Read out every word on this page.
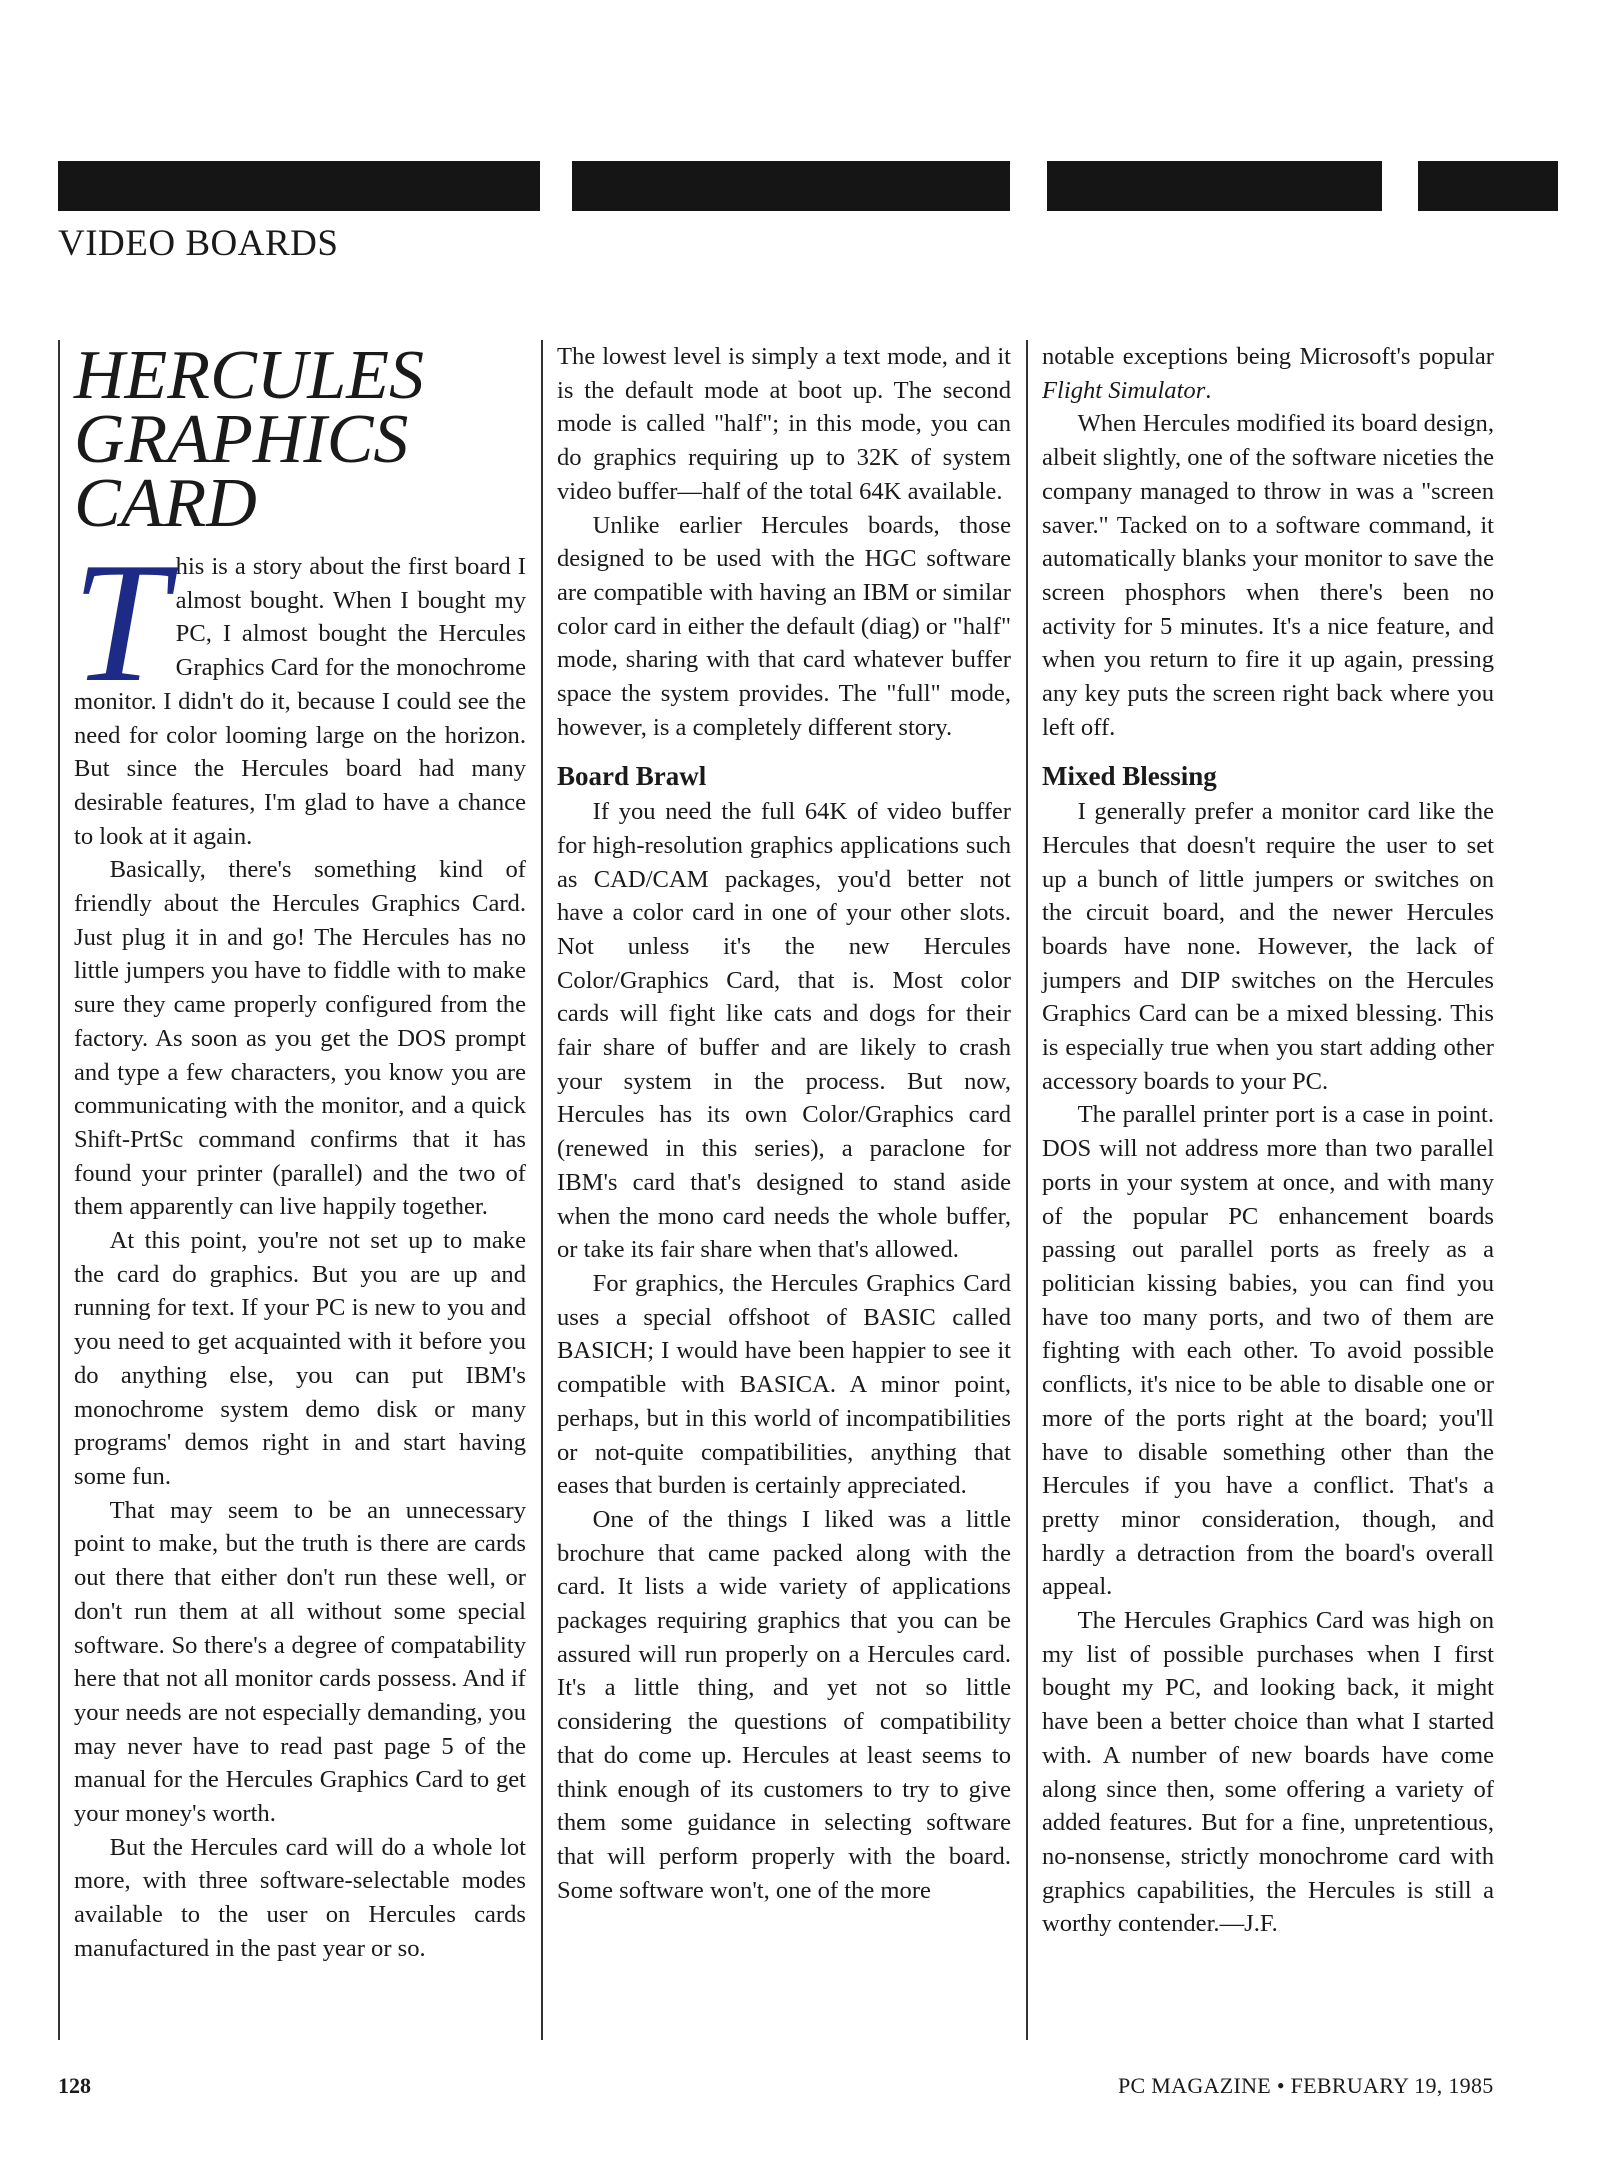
VIDEO BOARDS
HERCULES
GRAPHICS
CARD

This is a story about the first board I almost bought. When I bought my PC, I almost bought the Hercules Graphics Card for the monochrome monitor. I didn't do it, because I could see the need for color looming large on the horizon. But since the Hercules board had many desirable features, I'm glad to have a chance to look at it again.

Basically, there's something kind of friendly about the Hercules Graphics Card. Just plug it in and go! The Hercules has no little jumpers you have to fiddle with to make sure they came properly configured from the factory. As soon as you get the DOS prompt and type a few characters, you know you are communicating with the monitor, and a quick Shift-PrtSc command confirms that it has found your printer (parallel) and the two of them apparently can live happily together.

At this point, you're not set up to make the card do graphics. But you are up and running for text. If your PC is new to you and you need to get acquainted with it before you do anything else, you can put IBM's monochrome system demo disk or many programs' demos right in and start having some fun.

That may seem to be an unnecessary point to make, but the truth is there are cards out there that either don't run these well, or don't run them at all without some special software. So there's a degree of compatability here that not all monitor cards possess. And if your needs are not especially demanding, you may never have to read past page 5 of the manual for the Hercules Graphics Card to get your money's worth.

But the Hercules card will do a whole lot more, with three software-selectable modes available to the user on Hercules cards manufactured in the past year or so.

The lowest level is simply a text mode, and it is the default mode at boot up. The second mode is called "half"; in this mode, you can do graphics requiring up to 32K of system video buffer—half of the total 64K available.

Unlike earlier Hercules boards, those designed to be used with the HGC software are compatible with having an IBM or similar color card in either the default (diag) or "half" mode, sharing with that card whatever buffer space the system provides. The "full" mode, however, is a completely different story.

Board Brawl

If you need the full 64K of video buffer for high-resolution graphics applications such as CAD/CAM packages, you'd better not have a color card in one of your other slots. Not unless it's the new Hercules Color/Graphics Card, that is. Most color cards will fight like cats and dogs for their fair share of buffer and are likely to crash your system in the process. But now, Hercules has its own Color/Graphics card (renewed in this series), a paraclone for IBM's card that's designed to stand aside when the mono card needs the whole buffer, or take its fair share when that's allowed.

For graphics, the Hercules Graphics Card uses a special offshoot of BASIC called BASICH; I would have been happier to see it compatible with BASICA. A minor point, perhaps, but in this world of incompatibilities or not-quite compatibilities, anything that eases that burden is certainly appreciated.

One of the things I liked was a little brochure that came packed along with the card. It lists a wide variety of applications packages requiring graphics that you can be assured will run properly on a Hercules card. It's a little thing, and yet not so little considering the questions of compatibility that do come up. Hercules at least seems to think enough of its customers to try to give them some guidance in selecting software that will perform properly with the board. Some software won't, one of the more

notable exceptions being Microsoft's popular Flight Simulator.

When Hercules modified its board design, albeit slightly, one of the software niceties the company managed to throw in was a "screen saver." Tacked on to a software command, it automatically blanks your monitor to save the screen phosphors when there's been no activity for 5 minutes. It's a nice feature, and when you return to fire it up again, pressing any key puts the screen right back where you left off.

Mixed Blessing

I generally prefer a monitor card like the Hercules that doesn't require the user to set up a bunch of little jumpers or switches on the circuit board, and the newer Hercules boards have none. However, the lack of jumpers and DIP switches on the Hercules Graphics Card can be a mixed blessing. This is especially true when you start adding other accessory boards to your PC.

The parallel printer port is a case in point. DOS will not address more than two parallel ports in your system at once, and with many of the popular PC enhancement boards passing out parallel ports as freely as a politician kissing babies, you can find you have too many ports, and two of them are fighting with each other. To avoid possible conflicts, it's nice to be able to disable one or more of the ports right at the board; you'll have to disable something other than the Hercules if you have a conflict. That's a pretty minor consideration, though, and hardly a detraction from the board's overall appeal.

The Hercules Graphics Card was high on my list of possible purchases when I first bought my PC, and looking back, it might have been a better choice than what I started with. A number of new boards have come along since then, some offering a variety of added features. But for a fine, unpretentious, no-nonsense, strictly monochrome card with graphics capabilities, the Hercules is still a worthy contender.—J.F.

128	PC MAGAZINE • FEBRUARY 19, 1985
